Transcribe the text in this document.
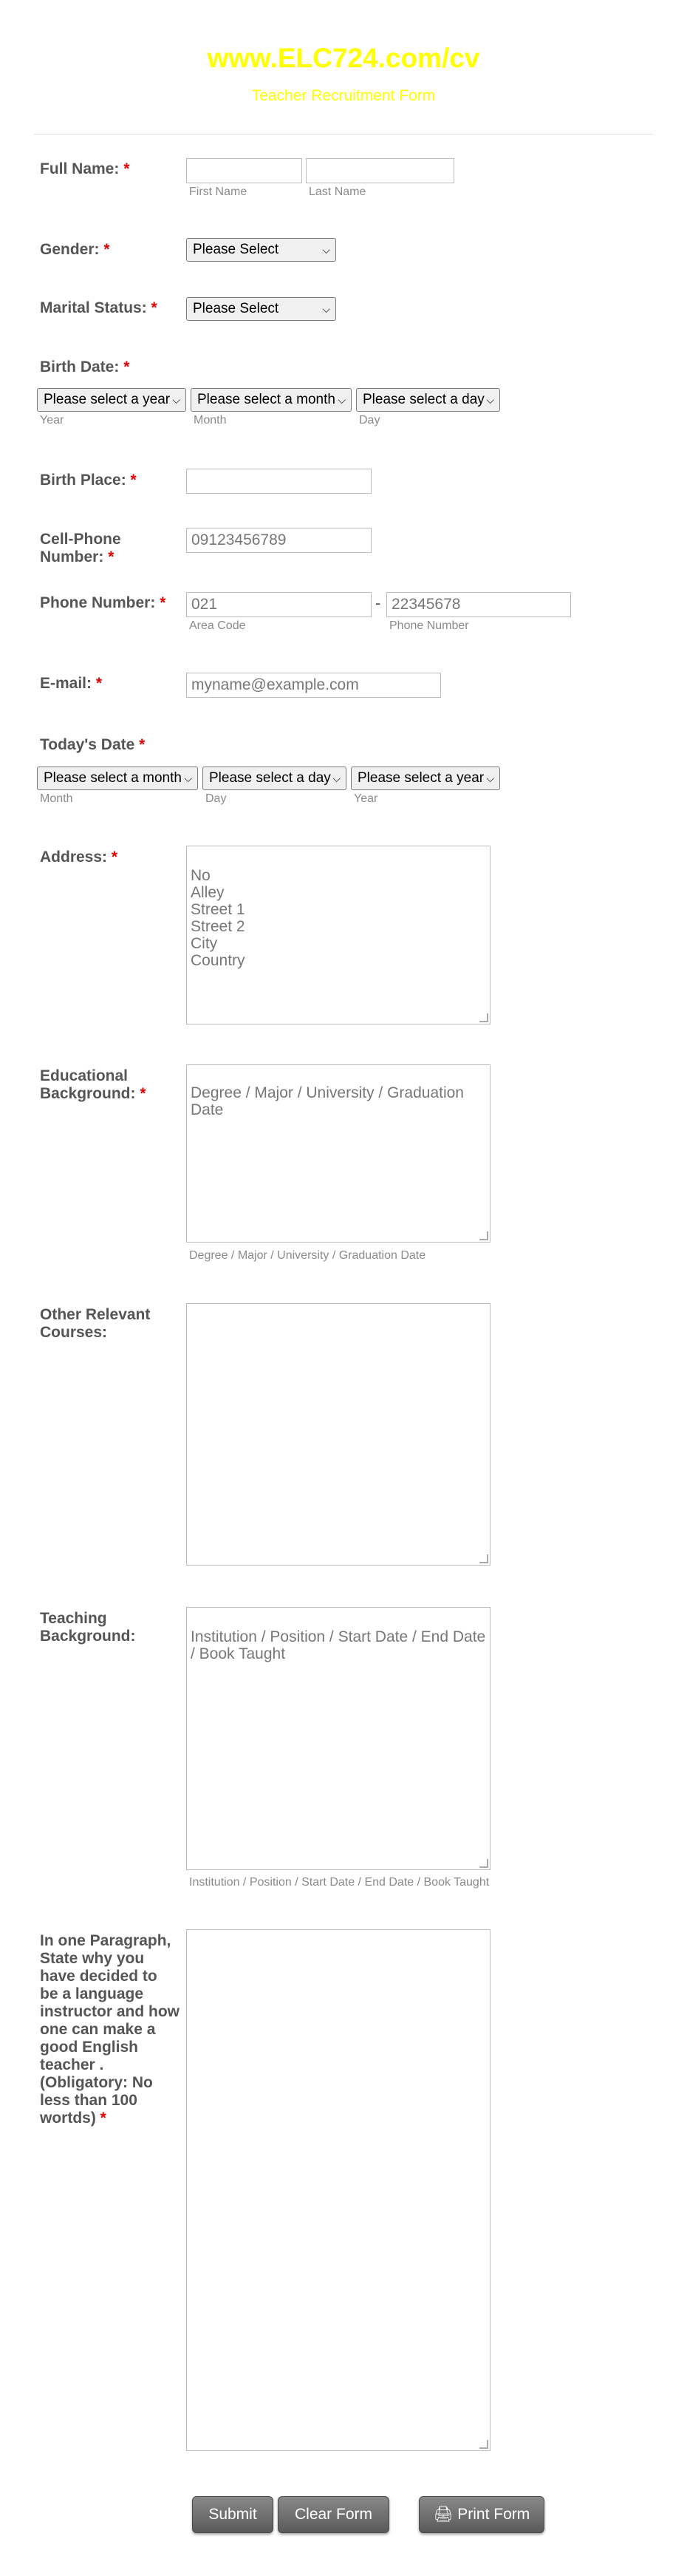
www.ELC724.com/cv
Teacher Recruitment Form
Full Name: *
First Name	Last Name
Gender: *	Please Select	⌵
Marital Status: *	Please Select	⌵
Birth Date: *
Please select a year ⌵	Please select a month ⌵	Please select a day ⌵
Year	Month	Day
Birth Place: *
Cell-Phone
Number: *
09123456789
Phone Number: *	021	- 22345678
Area Code	Phone Number
E-mail: *	myname@example.com
Today's Date *
Please select a month ⌵	Please select a day ⌵	Please select a year ⌵
Month	Day	Year
Address: *
No
Alley
Street 1
Street 2
City
Country
Educational
Background: *	Degree / Major / University / Graduation Date
Degree / Major / University / Graduation Date
Other Relevant
Courses:
Teaching
Background:	Institution / Position / Start Date / End Date / Book Taught
Institution / Position / Start Date / End Date / Book Taught
In one Paragraph,
State why you
have decided to
be a language
instructor and how
one can make a
good English
teacher .
(Obligatory: No
less than 100
wortds) *
Submit	Clear Form	🖨 Print Form
